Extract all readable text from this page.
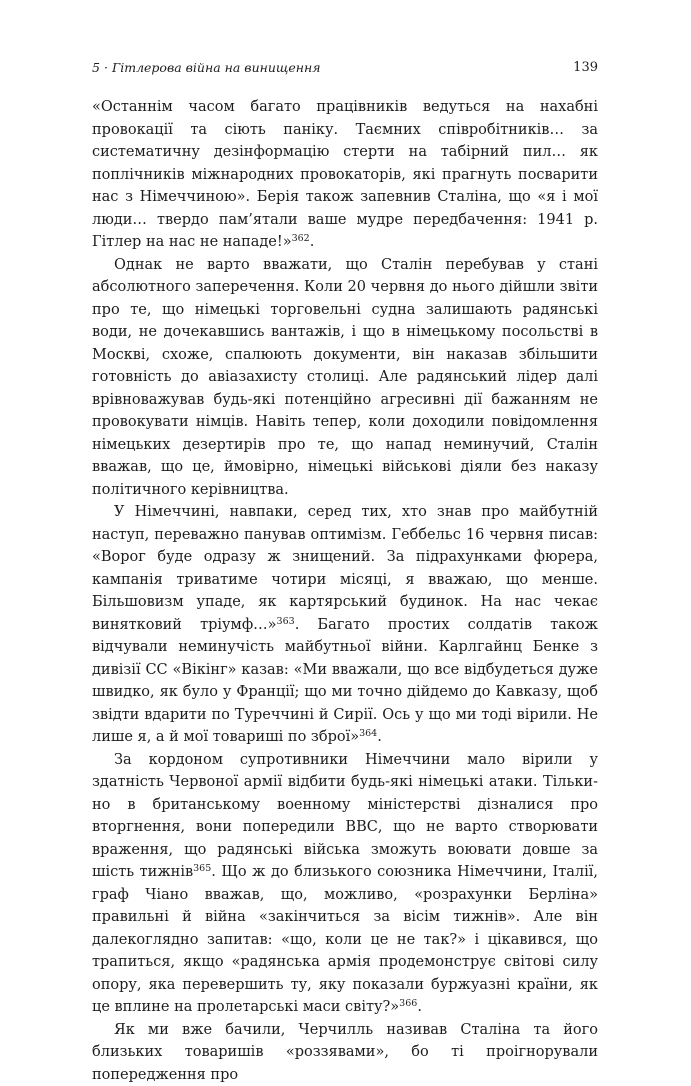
5 · Гітлерова війна на винищення	139

«Останнім часом багато працівників ведуться на нахабні провокації та сіють паніку. Таємних співробітників… за систематичну дезінформацію стерти на табірний пил… як поплічників міжнародних провокаторів, які прагнуть посварити нас з Німеччиною». Берія також запевнив Сталіна, що «я і мої люди… твердо пам’ятали ваше мудре передбачення: 1941 р. Гітлер на нас не нападе!»$^{362}$.

Однак не варто вважати, що Сталін перебував у стані абсолютного заперечення. Коли 20 червня до нього дійшли звіти про те, що німецькі торговельні судна залишають радянські води, не дочекавшись вантажів, і що в німецькому посольстві в Москві, схоже, спалюють документи, він наказав збільшити готовність до авіазахисту столиці. Але радянський лідер далі врівноважував будь-які потенційно агресивні дії бажанням не провокувати німців. Навіть тепер, коли доходили повідомлення німецьких дезертирів про те, що напад неминучий, Сталін вважав, що це, ймовірно, німецькі військові діяли без наказу політичного керівництва.

У Німеччині, навпаки, серед тих, хто знав про майбутній наступ, переважно панував оптимізм. Геббельс 16 червня писав: «Ворог буде одразу ж знищений. За підрахунками фюрера, кампанія триватиме чотири місяці, я вважаю, що менше. Більшовизм упаде, як картярський будинок. На нас чекає винятковий тріумф…»$^{363}$. Багато простих солдатів також відчували неминучість майбутньої війни. Карлгайнц Бенке з дивізії СС «Вікінг» казав: «Ми вважали, що все відбудеться дуже швидко, як було у Франції; що ми точно дійдемо до Кавказу, щоб звідти вдарити по Туреччині й Сирії. Ось у що ми тоді вірили. Не лише я, а й мої товариші по зброї»$^{364}$.

За кордоном супротивники Німеччини мало вірили у здатність Червоної армії відбити будь-які німецькі атаки. Тільки-но в британському военному міністерстві дізналися про вторгнення, вони попередили ВВС, що не варто створювати враження, що радянські війська зможуть воювати довше за шість тижнів$^{365}$. Що ж до близького союзника Німеччини, Італії, граф Чіано вважав, що, можливо, «розрахунки Берліна» правильні й війна «закінчиться за вісім тижнів». Але він далекоглядно запитав: «що, коли це не так?» і цікавився, що трапиться, якщо «радянська армія продемонструє світові силу опору, яка перевершить ту, яку показали буржуазні країни, як це вплине на пролетарські маси світу?»$^{366}$.

Як ми вже бачили, Черчилль називав Сталіна та його близьких товаришів «роззявами», бо ті проігнорували попередження про
